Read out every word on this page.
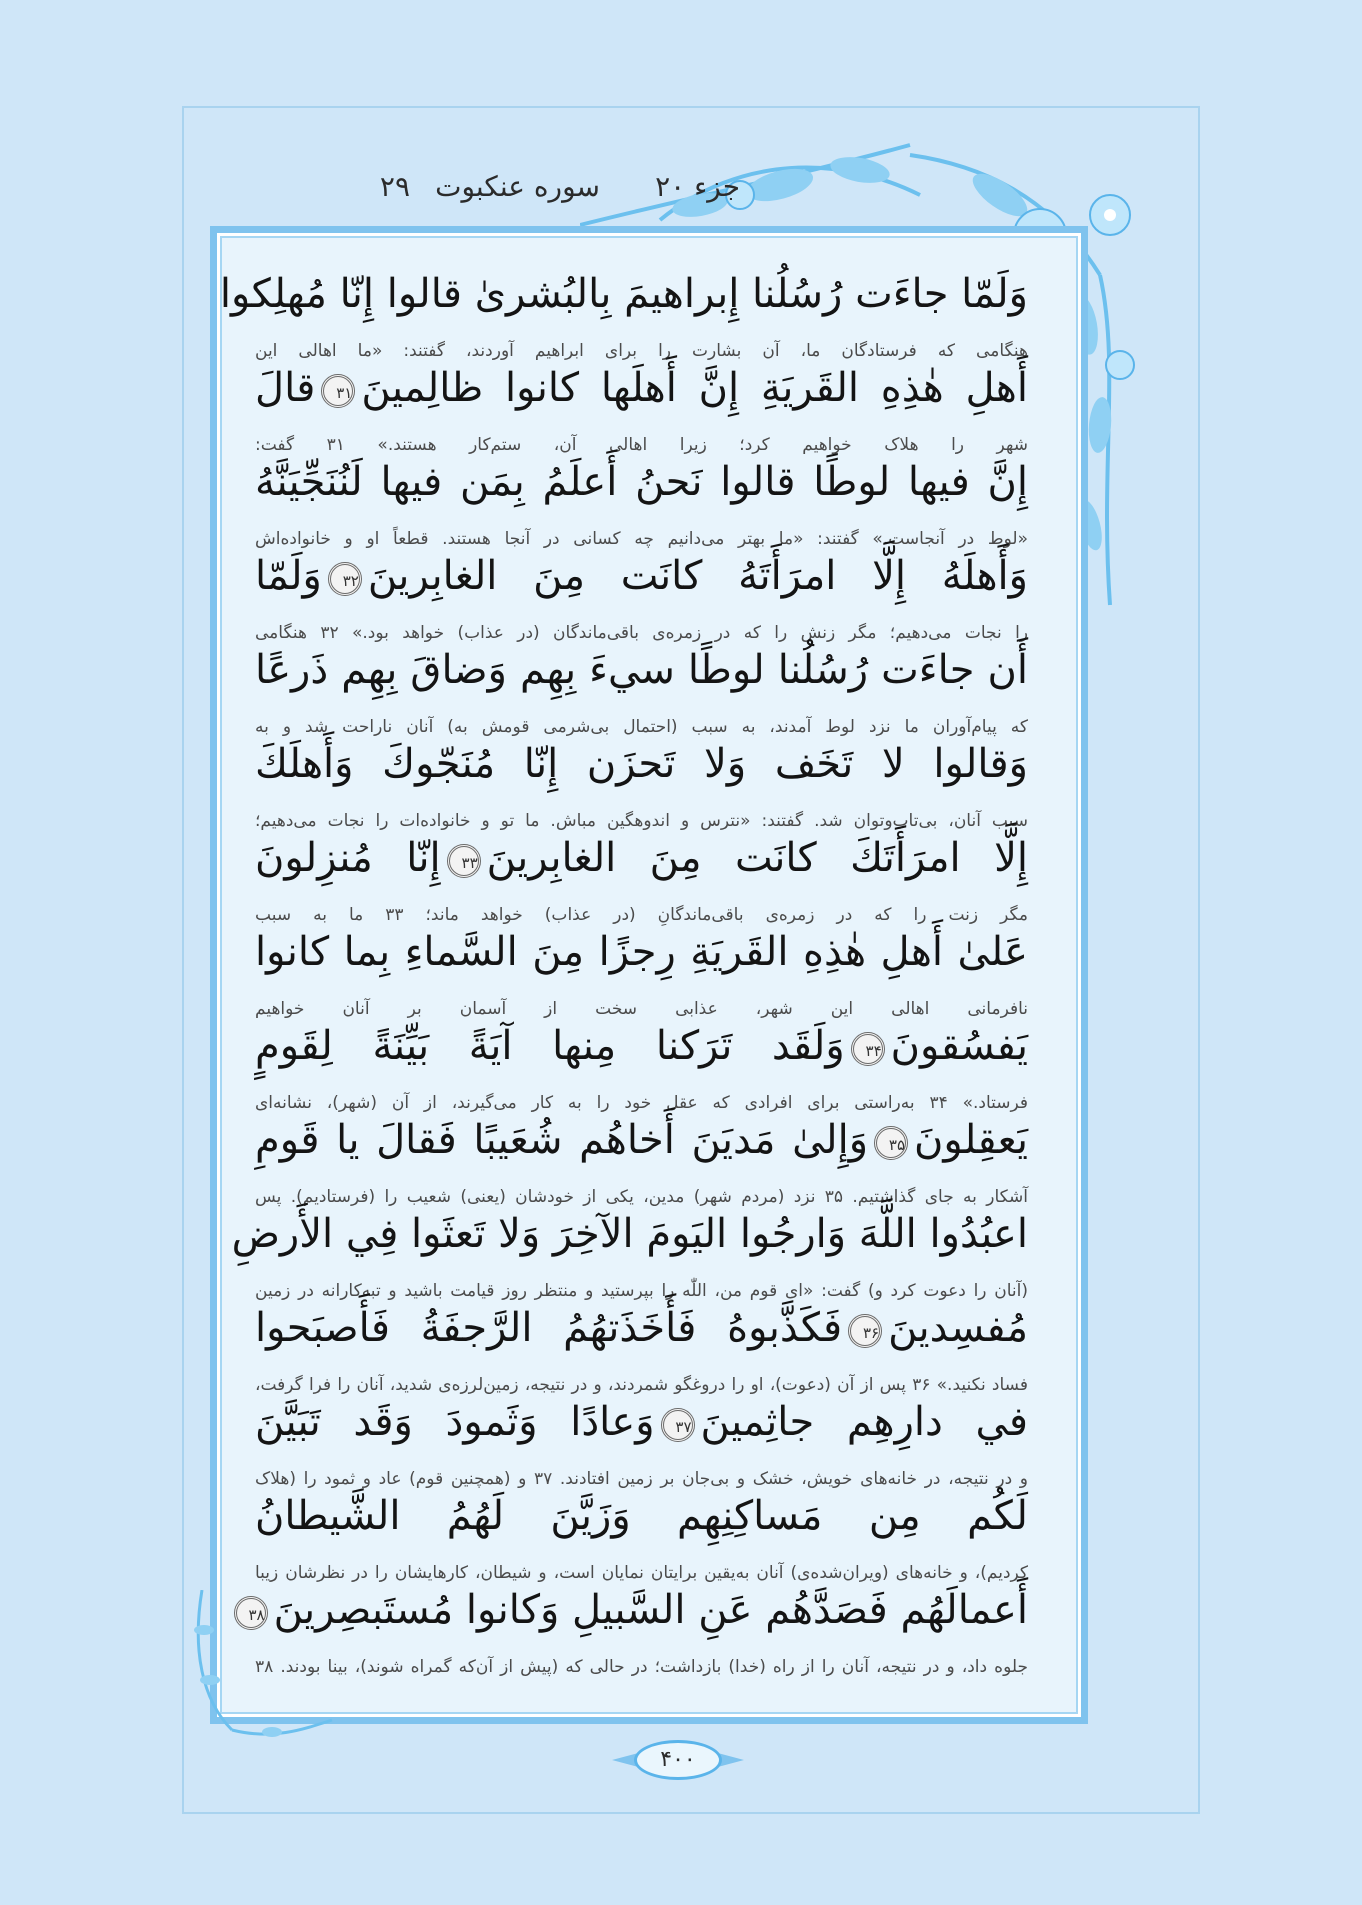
جزء ۲۰
سوره عنکبوت
۲۹
وَلَمّا جاءَت رُسُلُنا إِبراهيمَ بِالبُشرىٰ قالوا إِنّا مُهلِكوا
هنگامی که فرستادگان ما، آن بشارت را برای ابراهیم آوردند، گفتند: «ما اهالی این
أَهلِ هٰذِهِ القَريَةِ إِنَّ أَهلَها كانوا ظالِمينَ۳۱قالَ
شهر را هلاک خواهیم کرد؛ زیرا اهالی آن، ستم‌کار هستند.» ۳۱ گفت:
إِنَّ فيها لوطًا قالوا نَحنُ أَعلَمُ بِمَن فيها لَنُنَجِّيَنَّهُ
«لوط در آنجاست.» گفتند: «ما بهتر می‌دانیم چه کسانی در آنجا هستند. قطعاً او و خانواده‌اش
وَأَهلَهُ إِلَّا امرَأَتَهُ كانَت مِنَ الغابِرينَ۳۲وَلَمّا
را نجات می‌دهیم؛ مگر زنش را که در زمره‌ی باقی‌ماندگان (در عذاب) خواهد بود.» ۳۲ هنگامی
أَن جاءَت رُسُلُنا لوطًا سيءَ بِهِم وَضاقَ بِهِم ذَرعًا
که پیام‌آوران ما نزد لوط آمدند، به سبب (احتمال بی‌شرمی قومش به) آنان ناراحت شد و به
وَقالوا لا تَخَف وَلا تَحزَن إِنّا مُنَجّوكَ وَأَهلَكَ
سبب آنان، بی‌تاب‌وتوان شد. گفتند: «نترس و اندوهگین مباش. ما تو و خانواده‌ات را نجات می‌دهیم؛
إِلَّا امرَأَتَكَ كانَت مِنَ الغابِرينَ۳۳إِنّا مُنزِلونَ
مگر زنت را که در زمره‌ی باقی‌ماندگانِ (در عذاب) خواهد ماند؛ ۳۳ ما به سبب
عَلىٰ أَهلِ هٰذِهِ القَريَةِ رِجزًا مِنَ السَّماءِ بِما كانوا
نافرمانی اهالی این شهر، عذابی سخت از آسمان بر آنان خواهیم
يَفسُقونَ۳۴وَلَقَد تَرَكنا مِنها آيَةً بَيِّنَةً لِقَومٍ
فرستاد.» ۳۴ به‌راستی برای افرادی که عقل خود را به کار می‌گیرند، از آن (شهر)، نشانه‌ای
يَعقِلونَ۳۵وَإِلىٰ مَديَنَ أَخاهُم شُعَيبًا فَقالَ يا قَومِ
آشکار به جای گذاشتیم. ۳۵ نزد (مردم شهر) مدین، یکی از خودشان (یعنی) شعیب را (فرستادیم). پس
اعبُدُوا اللَّهَ وَارجُوا اليَومَ الآخِرَ وَلا تَعثَوا فِي الأَرضِ
(آنان را دعوت کرد و) گفت: «ای قوم من، اللّٰه را بپرستید و منتظر روز قیامت باشید و تبه‌کارانه در زمین
مُفسِدينَ۳۶فَكَذَّبوهُ فَأَخَذَتهُمُ الرَّجفَةُ فَأَصبَحوا
فساد نکنید.» ۳۶ پس از آن (دعوت)، او را دروغگو شمردند، و در نتیجه، زمین‌لرزه‌ی شدید، آنان را فرا گرفت،
في دارِهِم جاثِمينَ۳۷وَعادًا وَثَمودَ وَقَد تَبَيَّنَ
و در نتیجه، در خانه‌های خویش، خشک و بی‌جان بر زمین افتادند. ۳۷ و (همچنین قوم) عاد و ثمود را (هلاک
لَكُم مِن مَساكِنِهِم وَزَيَّنَ لَهُمُ الشَّيطانُ
کردیم)، و خانه‌های (ویران‌شده‌ی) آنان به‌یقین برایتان نمایان است، و شیطان، کارهایشان را در نظرشان زیبا
أَعمالَهُم فَصَدَّهُم عَنِ السَّبيلِ وَكانوا مُستَبصِرينَ۳۸
جلوه داد، و در نتیجه، آنان را از راه (خدا) بازداشت؛ در حالی که (پیش از آن‌که گمراه شوند)، بینا بودند. ۳۸
۴۰۰
